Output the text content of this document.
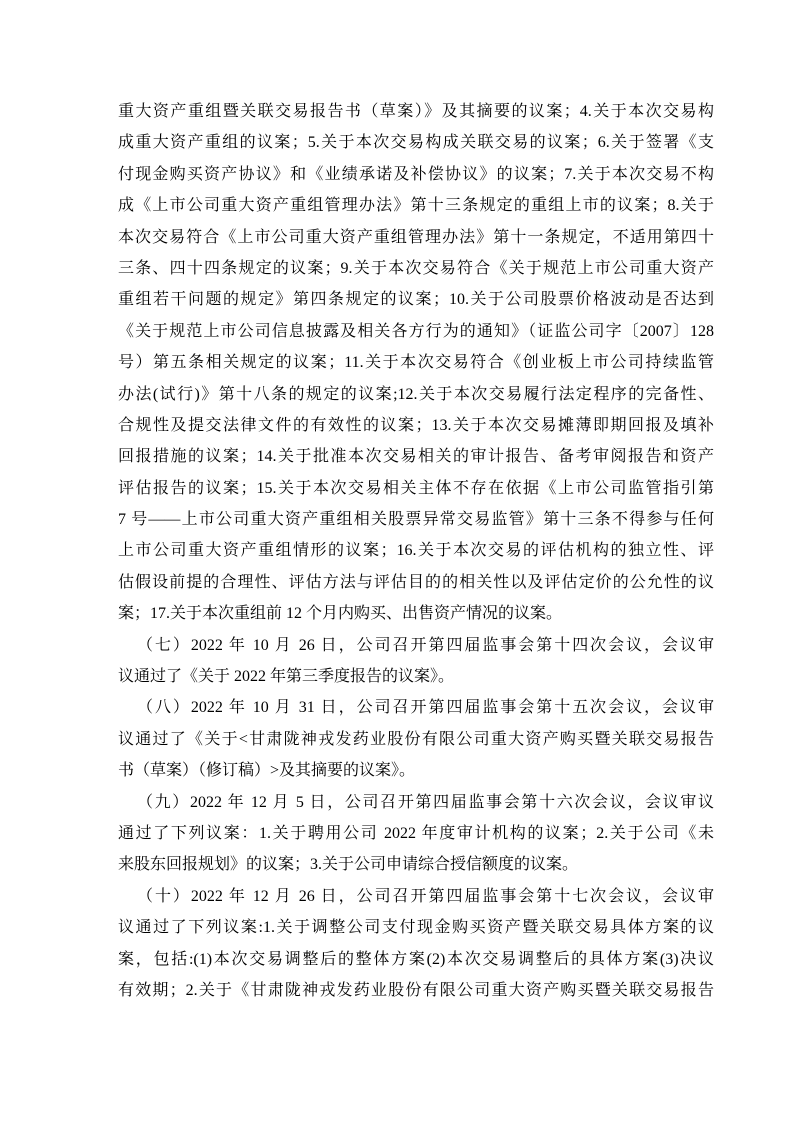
重大资产重组暨关联交易报告书（草案）》及其摘要的议案；4.关于本次交易构
成重大资产重组的议案；5.关于本次交易构成关联交易的议案；6.关于签署《支
付现金购买资产协议》和《业绩承诺及补偿协议》的议案；7.关于本次交易不构
成《上市公司重大资产重组管理办法》第十三条规定的重组上市的议案；8.关于
本次交易符合《上市公司重大资产重组管理办法》第十一条规定，不适用第四十
三条、四十四条规定的议案；9.关于本次交易符合《关于规范上市公司重大资产
重组若干问题的规定》第四条规定的议案；10.关于公司股票价格波动是否达到
《关于规范上市公司信息披露及相关各方行为的通知》（证监公司字〔2007〕128
号）第五条相关规定的议案；11.关于本次交易符合《创业板上市公司持续监管
办法(试行)》第十八条的规定的议案;12.关于本次交易履行法定程序的完备性、
合规性及提交法律文件的有效性的议案；13.关于本次交易摊薄即期回报及填补
回报措施的议案；14.关于批准本次交易相关的审计报告、备考审阅报告和资产
评估报告的议案；15.关于本次交易相关主体不存在依据《上市公司监管指引第
7 号——上市公司重大资产重组相关股票异常交易监管》第十三条不得参与任何
上市公司重大资产重组情形的议案；16.关于本次交易的评估机构的独立性、评
估假设前提的合理性、评估方法与评估目的的相关性以及评估定价的公允性的议
案；17.关于本次重组前 12 个月内购买、出售资产情况的议案。
（七）2022 年 10 月 26 日，公司召开第四届监事会第十四次会议，会议审
议通过了《关于 2022 年第三季度报告的议案》。
（八）2022 年 10 月 31 日，公司召开第四届监事会第十五次会议，会议审
议通过了《关于<甘肃陇神戎发药业股份有限公司重大资产购买暨关联交易报告
书（草案）（修订稿）>及其摘要的议案》。
（九）2022 年 12 月 5 日，公司召开第四届监事会第十六次会议，会议审议
通过了下列议案：1.关于聘用公司 2022 年度审计机构的议案；2.关于公司《未
来股东回报规划》的议案；3.关于公司申请综合授信额度的议案。
（十）2022 年 12 月 26 日，公司召开第四届监事会第十七次会议，会议审
议通过了下列议案:1.关于调整公司支付现金购买资产暨关联交易具体方案的议
案，包括:(1)本次交易调整后的整体方案(2)本次交易调整后的具体方案(3)决议
有效期；2.关于《甘肃陇神戎发药业股份有限公司重大资产购买暨关联交易报告
